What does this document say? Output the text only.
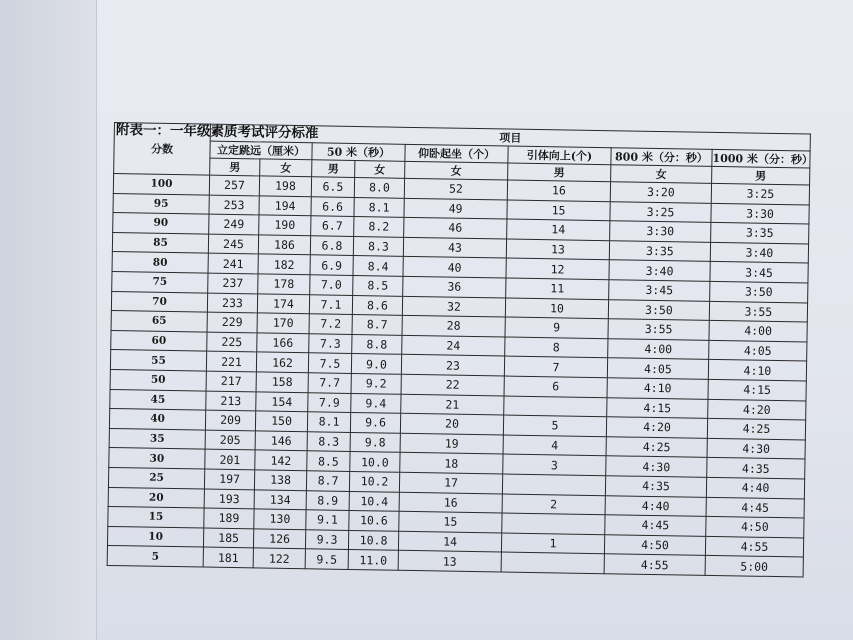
附表一：一年级素质考试评分标准
分数	项目							
	立定跳远（厘米）		50 米（秒）		仰卧起坐（个）	引体向上(个)	800 米（分：秒）	1000 米（分：秒）
	男	女	男	女	女	男	女	男
100	257	198	6.5	8.0	52	16	3:20	3:25
95	253	194	6.6	8.1	49	15	3:25	3:30
90	249	190	6.7	8.2	46	14	3:30	3:35
85	245	186	6.8	8.3	43	13	3:35	3:40
80	241	182	6.9	8.4	40	12	3:40	3:45
75	237	178	7.0	8.5	36	11	3:45	3:50
70	233	174	7.1	8.6	32	10	3:50	3:55
65	229	170	7.2	8.7	28	9	3:55	4:00
60	225	166	7.3	8.8	24	8	4:00	4:05
55	221	162	7.5	9.0	23	7	4:05	4:10
50	217	158	7.7	9.2	22	6	4:10	4:15
45	213	154	7.9	9.4	21		4:15	4:20
40	209	150	8.1	9.6	20	5	4:20	4:25
35	205	146	8.3	9.8	19	4	4:25	4:30
30	201	142	8.5	10.0	18	3	4:30	4:35
25	197	138	8.7	10.2	17		4:35	4:40
20	193	134	8.9	10.4	16	2	4:40	4:45
15	189	130	9.1	10.6	15		4:45	4:50
10	185	126	9.3	10.8	14	1	4:50	4:55
5	181	122	9.5	11.0	13		4:55	5:00
